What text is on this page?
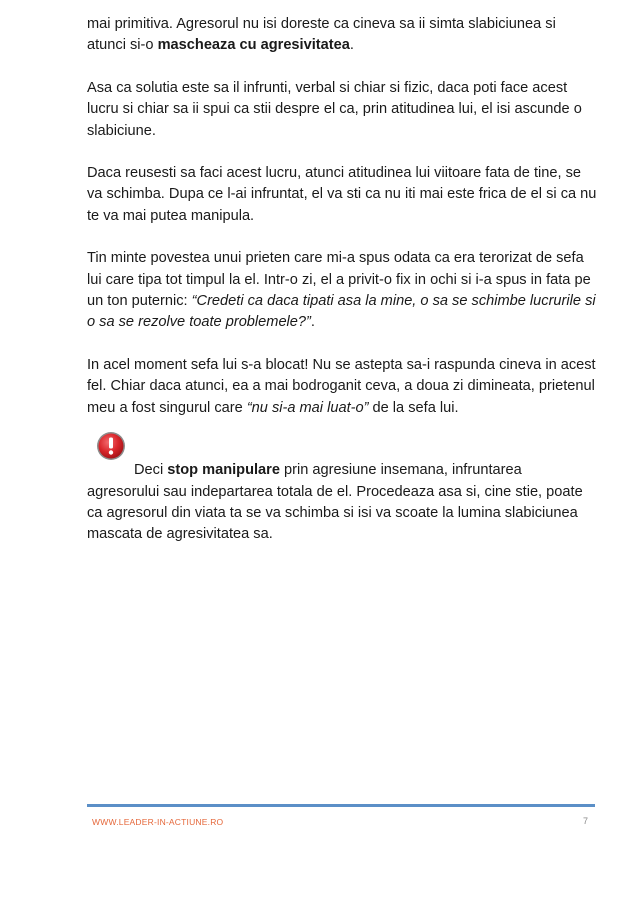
mai primitiva. Agresorul nu isi doreste ca cineva sa ii simta slabiciunea si atunci si-o mascheaza cu agresivitatea.

Asa ca solutia este sa il infrunti, verbal si chiar si fizic, daca poti face acest lucru si chiar sa ii spui ca stii despre el ca, prin atitudinea lui, el isi ascunde o slabiciune.

Daca reusesti sa faci acest lucru, atunci atitudinea lui viitoare fata de tine, se va schimba. Dupa ce l-ai infruntat, el va sti ca nu iti mai este frica de el si ca nu te va mai putea manipula.

Tin minte povestea unui prieten care mi-a spus odata ca era terorizat de sefa lui care tipa tot timpul la el. Intr-o zi, el a privit-o fix in ochi si i-a spus in fata pe un ton puternic: “Credeti ca daca tipati asa la mine, o sa se schimbe lucrurile si o sa se rezolve toate problemele?”.

In acel moment sefa lui s-a blocat! Nu se astepta sa-i raspunda cineva in acest fel. Chiar daca atunci, ea a mai bodroganit ceva, a doua zi dimineata, prietenul meu a fost singurul care “nu si-a mai luat-o” de la sefa lui.

Deci stop manipulare prin agresiune insemana, infruntarea agresorului sau indepartarea totala de el. Procedeaza asa si, cine stie, poate ca agresorul din viata ta se va schimba si isi va scoate la lumina slabiciunea mascata de agresivitatea sa.

WWW.LEADER-IN-ACTIUNE.RO	7
